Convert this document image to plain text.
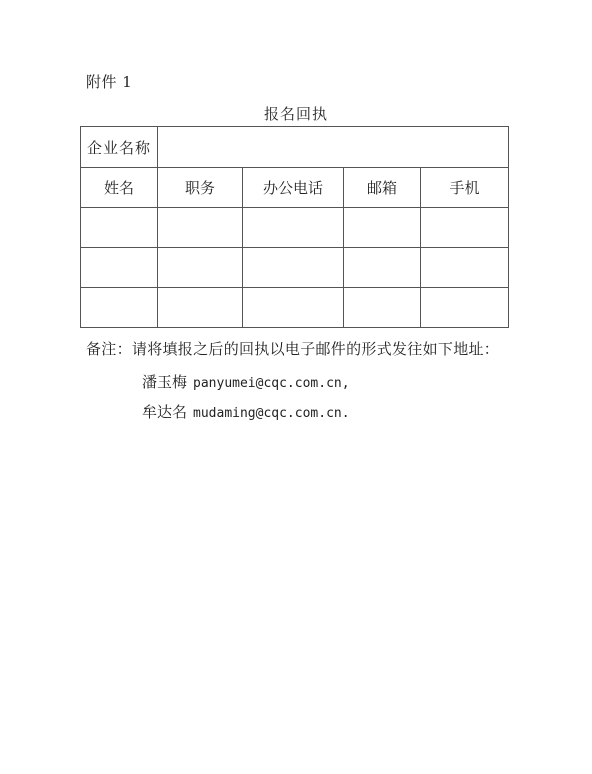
附件 1
报名回执
企业名称				
姓名	职务	办公电话	邮箱	手机

备注：请将填报之后的回执以电子邮件的形式发往如下地址：
潘玉梅 panyumei@cqc.com.cn,
牟达名 mudaming@cqc.com.cn.
